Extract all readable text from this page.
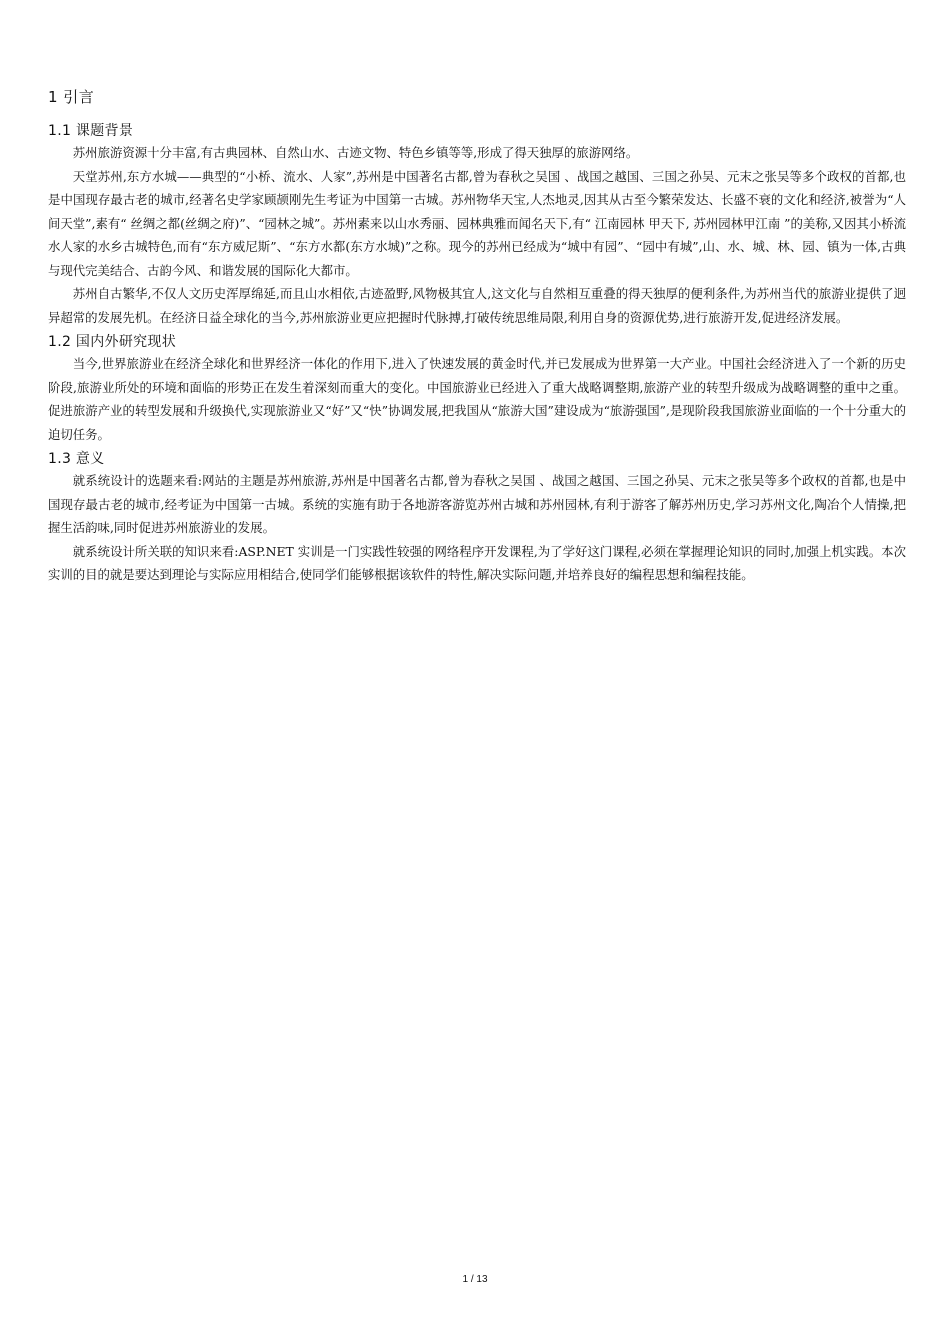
1 引言
1.1 课题背景

苏州旅游资源十分丰富,有古典园林、自然山水、古迹文物、特色乡镇等等,形成了得天独厚的旅游网络。

天堂苏州,东方水城——典型的“小桥、流水、人家”,苏州是中国著名古都,曾为春秋之吴国 、战国之越国、三国之孙吴、元末之张吴等多个政权的首都,也是中国现存最古老的城市,经著名史学家顾颉刚先生考证为中国第一古城。苏州物华天宝,人杰地灵,因其从古至今繁荣发达、长盛不衰的文化和经济,被誉为“人间天堂”,素有“ 丝绸之都(丝绸之府)”、“园林之城”。苏州素来以山水秀丽、园林典雅而闻名天下,有“ 江南园林 甲天下, 苏州园林甲江南 ”的美称,又因其小桥流水人家的水乡古城特色,而有“东方威尼斯”、“东方水都(东方水城)”之称。现今的苏州已经成为“城中有园”、“园中有城”,山、水、城、林、园、镇为一体,古典与现代完美结合、古韵今风、和谐发展的国际化大都市。

苏州自古繁华,不仅人文历史浑厚绵延,而且山水相依,古迹盈野,风物极其宜人,这文化与自然相互重叠的得天独厚的便利条件,为苏州当代的旅游业提供了迥异超常的发展先机。在经济日益全球化的当今,苏州旅游业更应把握时代脉搏,打破传统思维局限,利用自身的资源优势,进行旅游开发,促进经济发展。

1.2 国内外研究现状

当今,世界旅游业在经济全球化和世界经济一体化的作用下,进入了快速发展的黄金时代,并已发展成为世界第一大产业。中国社会经济进入了一个新的历史阶段,旅游业所处的环境和面临的形势正在发生着深刻而重大的变化。中国旅游业已经进入了重大战略调整期,旅游产业的转型升级成为战略调整的重中之重。促进旅游产业的转型发展和升级换代,实现旅游业又“好”又“快”协调发展,把我国从“旅游大国”建设成为“旅游强国”,是现阶段我国旅游业面临的一个十分重大的迫切任务。

1.3 意义

就系统设计的选题来看:网站的主题是苏州旅游,苏州是中国著名古都,曾为春秋之吴国 、战国之越国、三国之孙吴、元末之张吴等多个政权的首都,也是中国现存最古老的城市,经考证为中国第一古城。系统的实施有助于各地游客游览苏州古城和苏州园林,有利于游客了解苏州历史,学习苏州文化,陶冶个人情操,把握生活韵味,同时促进苏州旅游业的发展。

就系统设计所关联的知识来看:ASP.NET 实训是一门实践性较强的网络程序开发课程,为了学好这门课程,必须在掌握理论知识的同时,加强上机实践。本次实训的目的就是要达到理论与实际应用相结合,使同学们能够根据该软件的特性,解决实际问题,并培养良好的编程思想和编程技能。

1 / 13
